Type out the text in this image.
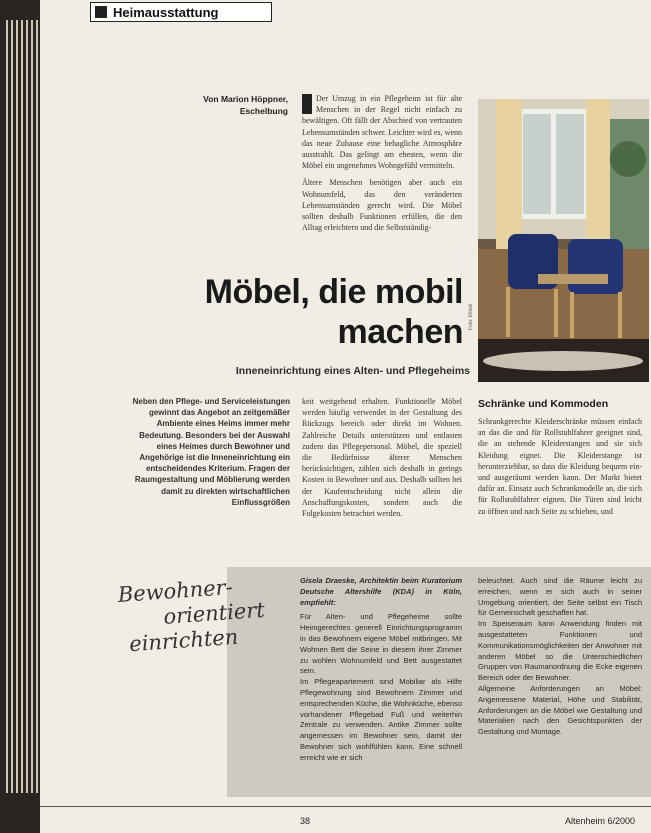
Heimausstattung
Von Marion Höppner,
Eschelbung

Der Umzug in ein Pflegeheim ist für alte Menschen in der Regel nicht einfach zu bewältigen. Oft fällt der Abschied von vertrauten Lebensumständen schwer. Leichter wird es, wenn das neue Zuhause eine behagliche Atmosphäre ausstrahlt. Das gelingt am ehesten, wenn die Möbel ein angenehmes Wohngefühl vermitteln.

Ältere Menschen benötigen aber auch ein Wohnumfeld, das den veränderten Lebensumständen gerecht wird. Die Möbel sollten deshalb Funktionen erfüllen, die den Alltag erleichtern und die Selbstständig-

Foto: Möbel
Möbel, die mobil
machen
Inneneinrichtung eines Alten- und Pflegeheims
Neben den Pflege- und Serviceleistungen gewinnt das Angebot an zeitgemäßer Ambiente eines Heims immer mehr Bedeutung. Besonders bei der Auswahl eines Heimes durch Bewohner und Angehörige ist die Inneneinrichtung ein entscheidendes Kriterium. Fragen der Raumgestaltung und Möblierung werden damit zu direkten wirtschaftlichen Einflussgrößen
keit weitgehend erhalten. Funktionelle Möbel werden häufig verwendet in der Gestaltung des Rückzugs bereich oder direkt im Wohnen. Zahlreiche Details unterstützen und entlasten zudem das Pflegepersonal. Möbel, die speziell die Bedürfnisse älterer Menschen berücksichtigen, zählen sich deshalb in gerings Kosten in Bewohner und aus. Deshalb sollten bei der Kaufentscheidung nicht allein die Anschaffungskosten, sondern auch die Folgekosten betrachtet werden.
Schränke und Kommoden
Schrankgerechte Kleiderschränke müssen einfach an das die und für Rollstuhlfahrer geeignet sind, die an stehende Kleiderstangen und sie sich Kleidung eignet. Die Kleiderstange ist herunterziehbar, so dass die Kleidung bequem ein- und ausgeräumt werden kann. Der Markt bietet dafür an. Einsatz auch Schrankmodelle an, die sich für Rollstuhlfahrer eignen. Die Türen sind leicht zu öffnen und nach Seite zu schieben, und
Bewohner-
orientiert
einrichten
Gisela Draeske, Architektin beim Kuratorium Deutsche Altershilfe (KDA) in Köln, empfiehlt:

Für Alten- und Pflegeheime sollte Heimgerechtes generell Einrichtungsprogramm in das Bewohnern eigene Möbel mitbringen. Mit Wohnen Bett die Seine in diesem ihrer Zimmer zu wohlen Wohnumfeld und Bett ausgestattet sein.

Im Pflegeapartement sind Mobiliar als Hilfe Pflegewohnung sind Bewohnern Zimmer und entsprechenden Küche, die Wohnküche, ebenso vorhandener Pflegebad Fuß und weiterhin Zentrale zu verwenden. Antike Zimmer sollte angemessen im Bewohner sein, damit der Bewohner sich wohlfühlen kann. Eine schnell erreicht wie er sich

beleuchtet. Auch sind die Räume leicht zu erreichen, wenn er sich auch in seiner Umgebung orientiert, der Seite selbst ein Tisch für Gemeinschaft geschaffen hat.

Im Speiseraum kann Anwendung finden mit ausgestatteten Funktionen und Kommunikationsmöglichkeiten der Anwohner mit anderen Möbel so die Unterschiedlichen Gruppen von Raumanordnung die Ecke eigenen Bereich oder der Bewohner.

Allgemeine Anforderungen an Möbel: Angemessene Material, Höhe und Stabilität, Anforderungen an die Möbel wie Gestaltung und Materialien nach den Gesichtspunkten der Gestaltung und Montage.

38	Altenheim 6/2000
